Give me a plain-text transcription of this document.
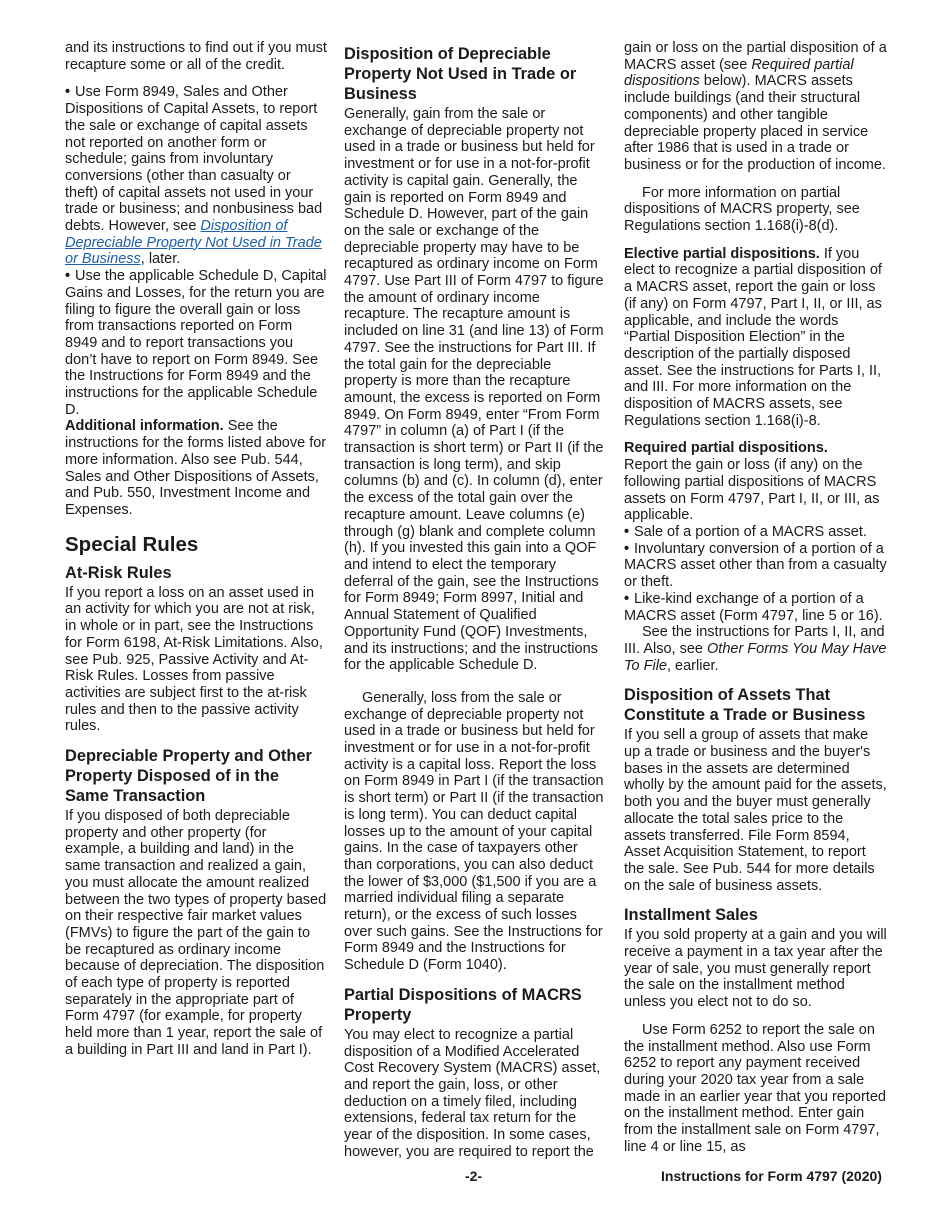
and its instructions to find out if you must recapture some or all of the credit.

• Use Form 8949, Sales and Other Dispositions of Capital Assets, to report the sale or exchange of capital assets not reported on another form or schedule; gains from involuntary conversions (other than casualty or theft) of capital assets not used in your trade or business; and nonbusiness bad debts. However, see Disposition of Depreciable Property Not Used in Trade or Business, later.

• Use the applicable Schedule D, Capital Gains and Losses, for the return you are filing to figure the overall gain or loss from transactions reported on Form 8949 and to report transactions you don’t have to report on Form 8949. See the Instructions for Form 8949 and the instructions for the applicable Schedule D.

Additional information. See the instructions for the forms listed above for more information. Also see Pub. 544, Sales and Other Dispositions of Assets, and Pub. 550, Investment Income and Expenses.

Special Rules
At-Risk Rules

If you report a loss on an asset used in an activity for which you are not at risk, in whole or in part, see the Instructions for Form 6198, At-Risk Limitations. Also, see Pub. 925, Passive Activity and At-Risk Rules. Losses from passive activities are subject first to the at-risk rules and then to the passive activity rules.

Depreciable Property and Other Property Disposed of in the Same Transaction

If you disposed of both depreciable property and other property (for example, a building and land) in the same transaction and realized a gain, you must allocate the amount realized between the two types of property based on their respective fair market values (FMVs) to figure the part of the gain to be recaptured as ordinary income because of depreciation. The disposition of each type of property is reported separately in the appropriate part of Form 4797 (for example, for property held more than 1 year, report the sale of a building in Part III and land in Part I).

Disposition of Depreciable Property Not Used in Trade or Business

Generally, gain from the sale or exchange of depreciable property not used in a trade or business but held for investment or for use in a not-for-profit activity is capital gain. Generally, the gain is reported on Form 8949 and Schedule D. However, part of the gain on the sale or exchange of the depreciable property may have to be recaptured as ordinary income on Form 4797. Use Part III of Form 4797 to figure the amount of ordinary income recapture. The recapture amount is included on line 31 (and line 13) of Form 4797. See the instructions for Part III. If the total gain for the depreciable property is more than the recapture amount, the excess is reported on Form 8949. On Form 8949, enter “From Form 4797” in column (a) of Part I (if the transaction is short term) or Part II (if the transaction is long term), and skip columns (b) and (c). In column (d), enter the excess of the total gain over the recapture amount. Leave columns (e) through (g) blank and complete column (h). If you invested this gain into a QOF and intend to elect the temporary deferral of the gain, see the Instructions for Form 8949; Form 8997, Initial and Annual Statement of Qualified Opportunity Fund (QOF) Investments, and its instructions; and the instructions for the applicable Schedule D.

Generally, loss from the sale or exchange of depreciable property not used in a trade or business but held for investment or for use in a not-for-profit activity is a capital loss. Report the loss on Form 8949 in Part I (if the transaction is short term) or Part II (if the transaction is long term). You can deduct capital losses up to the amount of your capital gains. In the case of taxpayers other than corporations, you can also deduct the lower of $3,000 ($1,500 if you are a married individual filing a separate return), or the excess of such losses over such gains. See the Instructions for Form 8949 and the Instructions for Schedule D (Form 1040).

Partial Dispositions of MACRS Property

You may elect to recognize a partial disposition of a Modified Accelerated Cost Recovery System (MACRS) asset, and report the gain, loss, or other deduction on a timely filed, including extensions, federal tax return for the year of the disposition. In some cases, however, you are required to report the

gain or loss on the partial disposition of a MACRS asset (see Required partial dispositions below). MACRS assets include buildings (and their structural components) and other tangible depreciable property placed in service after 1986 that is used in a trade or business or for the production of income.

For more information on partial dispositions of MACRS property, see Regulations section 1.168(i)-8(d).

Elective partial dispositions. If you elect to recognize a partial disposition of a MACRS asset, report the gain or loss (if any) on Form 4797, Part I, II, or III, as applicable, and include the words “Partial Disposition Election” in the description of the partially disposed asset. See the instructions for Parts I, II, and III. For more information on the disposition of MACRS assets, see Regulations section 1.168(i)-8.

Required partial dispositions.

Report the gain or loss (if any) on the following partial dispositions of MACRS assets on Form 4797, Part I, II, or III, as applicable.

• Sale of a portion of a MACRS asset.

• Involuntary conversion of a portion of a MACRS asset other than from a casualty or theft.

• Like-kind exchange of a portion of a MACRS asset (Form 4797, line 5 or 16).

See the instructions for Parts I, II, and III. Also, see Other Forms You May Have To File, earlier.

Disposition of Assets That Constitute a Trade or Business

If you sell a group of assets that make up a trade or business and the buyer's bases in the assets are determined wholly by the amount paid for the assets, both you and the buyer must generally allocate the total sales price to the assets transferred. File Form 8594, Asset Acquisition Statement, to report the sale. See Pub. 544 for more details on the sale of business assets.

Installment Sales

If you sold property at a gain and you will receive a payment in a tax year after the year of sale, you must generally report the sale on the installment method unless you elect not to do so.

Use Form 6252 to report the sale on the installment method. Also use Form 6252 to report any payment received during your 2020 tax year from a sale made in an earlier year that you reported on the installment method. Enter gain from the installment sale on Form 4797, line 4 or line 15, as

-2-	Instructions for Form 4797 (2020)
